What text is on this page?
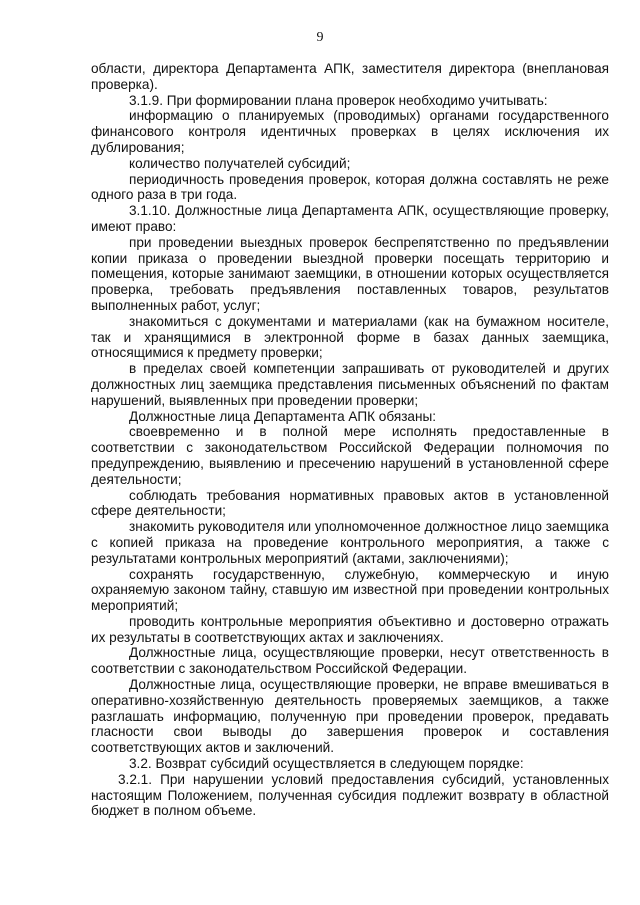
9

области, директора Департамента АПК, заместителя директора (внеплановая проверка).

3.1.9. При формировании плана проверок необходимо учитывать:

информацию о планируемых (проводимых) органами государственного финансового контроля идентичных проверках в целях исключения их дублирования;

количество получателей субсидий;

периодичность проведения проверок, которая должна составлять не реже одного раза в три года.

3.1.10. Должностные лица Департамента АПК, осуществляющие проверку, имеют право:

при проведении выездных проверок беспрепятственно по предъявлении копии приказа о проведении выездной проверки посещать территорию и помещения, которые занимают заемщики, в отношении которых осуществляется проверка, требовать предъявления поставленных товаров, результатов выполненных работ, услуг;

знакомиться с документами и материалами (как на бумажном носителе, так и хранящимися в электронной форме в базах данных заемщика, относящимися к предмету проверки;

в пределах своей компетенции запрашивать от руководителей и других должностных лиц заемщика представления письменных объяснений по фактам нарушений, выявленных при проведении проверки;

Должностные лица Департамента АПК обязаны:

своевременно и в полной мере исполнять предоставленные в соответствии с законодательством Российской Федерации полномочия по предупреждению, выявлению и пресечению нарушений в установленной сфере деятельности;

соблюдать требования нормативных правовых актов в установленной сфере деятельности;

знакомить руководителя или уполномоченное должностное лицо заемщика с копией приказа на проведение контрольного мероприятия, а также с результатами контрольных мероприятий (актами, заключениями);

сохранять государственную, служебную, коммерческую и иную охраняемую законом тайну, ставшую им известной при проведении контрольных мероприятий;

проводить контрольные мероприятия объективно и достоверно отражать их результаты в соответствующих актах и заключениях.

Должностные лица, осуществляющие проверки, несут ответственность в соответствии с законодательством Российской Федерации.

Должностные лица, осуществляющие проверки, не вправе вмешиваться в оперативно-хозяйственную деятельность проверяемых заемщиков, а также разглашать информацию, полученную при проведении проверок, предавать гласности свои выводы до завершения проверок и составления соответствующих актов и заключений.

3.2. Возврат субсидий осуществляется в следующем порядке:

3.2.1. При нарушении условий предоставления субсидий, установленных настоящим Положением, полученная субсидия подлежит возврату в областной бюджет в полном объеме.
